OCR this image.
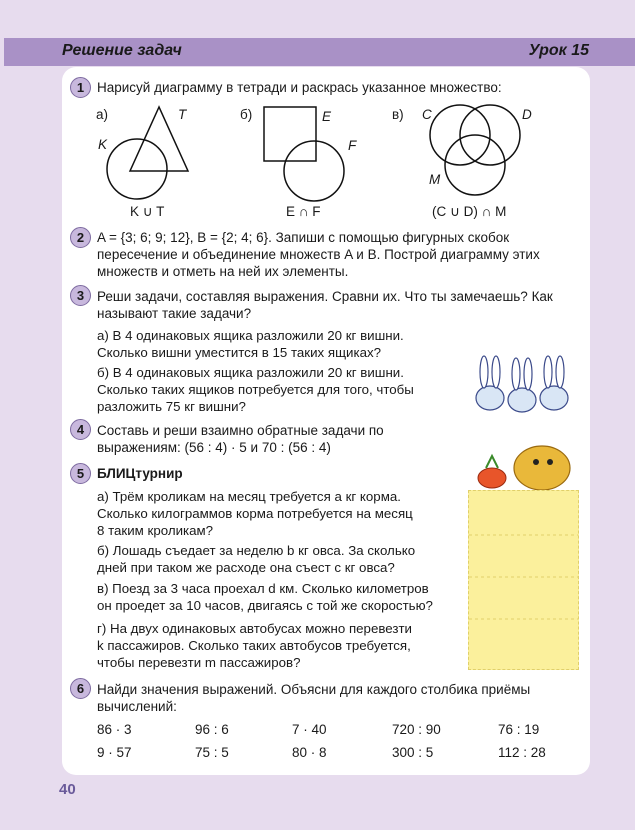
Решение задач	Урок 15
1 Нарисуй диаграмму в тетради и раскрась указанное множество:
а)
K
T
K ∪ T
б)	E
F
E ∩ F
в) C	D
M
(C ∪ D) ∩ M
2 A = {3; 6; 9; 12}, B = {2; 4; 6}. Запиши с помощью фигурных скобок
пересечение и объединение множеств A и B. Построй диаграмму этих
множеств и отметь на ней их элементы.
3 Реши задачи, составляя выражения. Сравни их. Что ты замечаешь? Как
называют такие задачи?
а) В 4 одинаковых ящика разложили 20 кг вишни.
Сколько вишни уместится в 15 таких ящиках?
б) В 4 одинаковых ящика разложили 20 кг вишни.
Сколько таких ящиков потребуется для того, чтобы
разложить 75 кг вишни?
4 Составь и реши взаимно обратные задачи по
выражениям: (56 : 4) · 5 и 70 : (56 : 4)
5 БЛИЦтурнир
а) Трём кроликам на месяц требуется a кг корма.
Сколько килограммов корма потребуется на месяц
8 таким кроликам?
б) Лошадь съедает за неделю b кг овса. За сколько
дней при таком же расходе она съест c кг овса?
в) Поезд за 3 часа проехал d км. Сколько километров
он проедет за 10 часов, двигаясь с той же скоростью?
г) На двух одинаковых автобусах можно перевезти
k пассажиров. Сколько таких автобусов требуется,
чтобы перевезти m пассажиров?
6 Найди значения выражений. Объясни для каждого столбика приёмы
вычислений:
86 · 3	96 : 6	7 · 40	720 : 90	76 : 19
9 · 57	75 : 5	80 · 8	300 : 5	112 : 28
40
